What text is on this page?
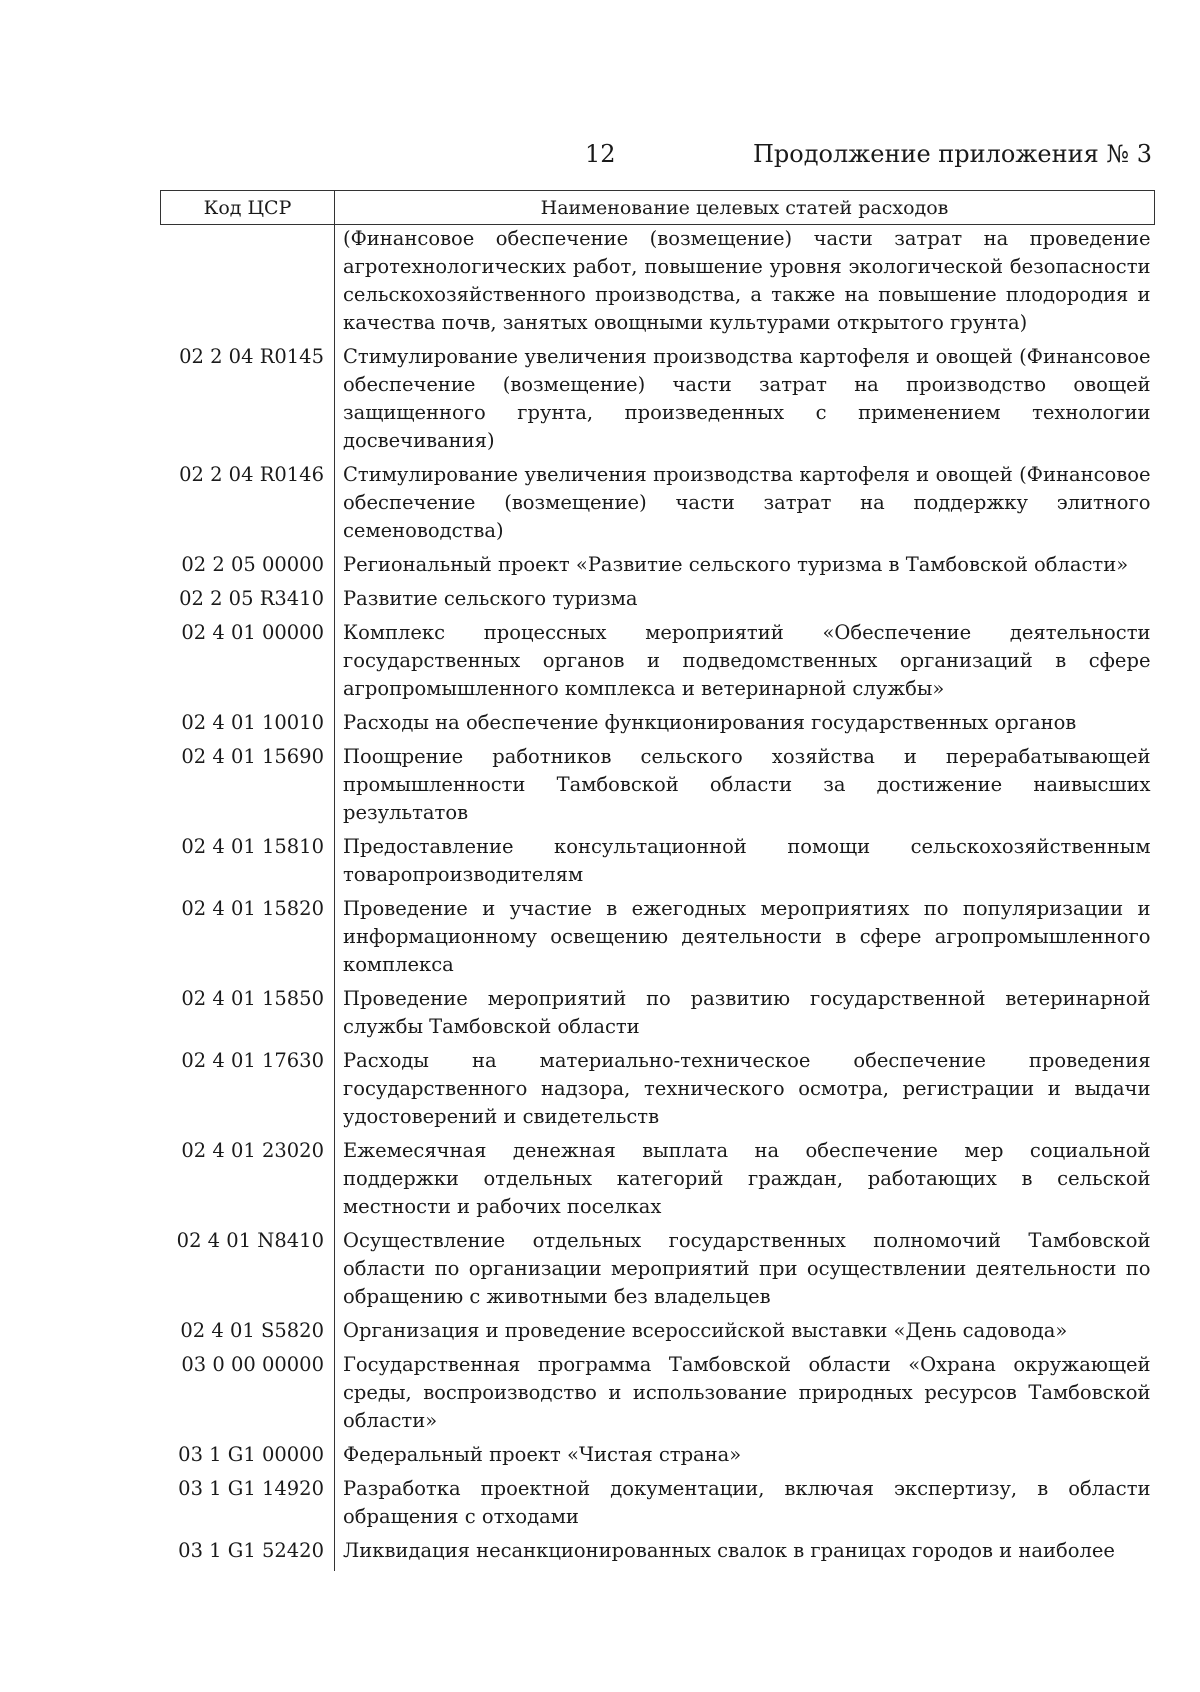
12	Продолжение приложения № 3
Код ЦСР	Наименование целевых статей расходов
	(Финансовое обеспечение (возмещение) части затрат на проведение агротехнологических работ, повышение уровня экологической безопасности сельскохозяйственного производства, а также на повышение плодородия и качества почв, занятых овощными культурами открытого грунта)
02 2 04 R0145	Стимулирование увеличения производства картофеля и овощей (Финансовое обеспечение (возмещение) части затрат на производство овощей защищенного грунта, произведенных с применением технологии досвечивания)
02 2 04 R0146	Стимулирование увеличения производства картофеля и овощей (Финансовое обеспечение (возмещение) части затрат на поддержку элитного семеноводства)
02 2 05 00000	Региональный проект «Развитие сельского туризма в Тамбовской области»
02 2 05 R3410	Развитие сельского туризма
02 4 01 00000	Комплекс процессных мероприятий «Обеспечение деятельности государственных органов и подведомственных организаций в сфере агропромышленного комплекса и ветеринарной службы»
02 4 01 10010	Расходы на обеспечение функционирования государственных органов
02 4 01 15690	Поощрение работников сельского хозяйства и перерабатывающей промышленности Тамбовской области за достижение наивысших результатов
02 4 01 15810	Предоставление консультационной помощи сельскохозяйственным товаропроизводителям
02 4 01 15820	Проведение и участие в ежегодных мероприятиях по популяризации и информационному освещению деятельности в сфере агропромышленного комплекса
02 4 01 15850	Проведение мероприятий по развитию государственной ветеринарной службы Тамбовской области
02 4 01 17630	Расходы на материально-техническое обеспечение проведения государственного надзора, технического осмотра, регистрации и выдачи удостоверений и свидетельств
02 4 01 23020	Ежемесячная денежная выплата на обеспечение мер социальной поддержки отдельных категорий граждан, работающих в сельской местности и рабочих поселках
02 4 01 N8410	Осуществление отдельных государственных полномочий Тамбовской области по организации мероприятий при осуществлении деятельности по обращению с животными без владельцев
02 4 01 S5820	Организация и проведение всероссийской выставки «День садовода»
03 0 00 00000	Государственная программа Тамбовской области «Охрана окружающей среды, воспроизводство и использование природных ресурсов Тамбовской области»
03 1 G1 00000	Федеральный проект «Чистая страна»
03 1 G1 14920	Разработка проектной документации, включая экспертизу, в области обращения с отходами
03 1 G1 52420	Ликвидация несанкционированных свалок в границах городов и наиболее
